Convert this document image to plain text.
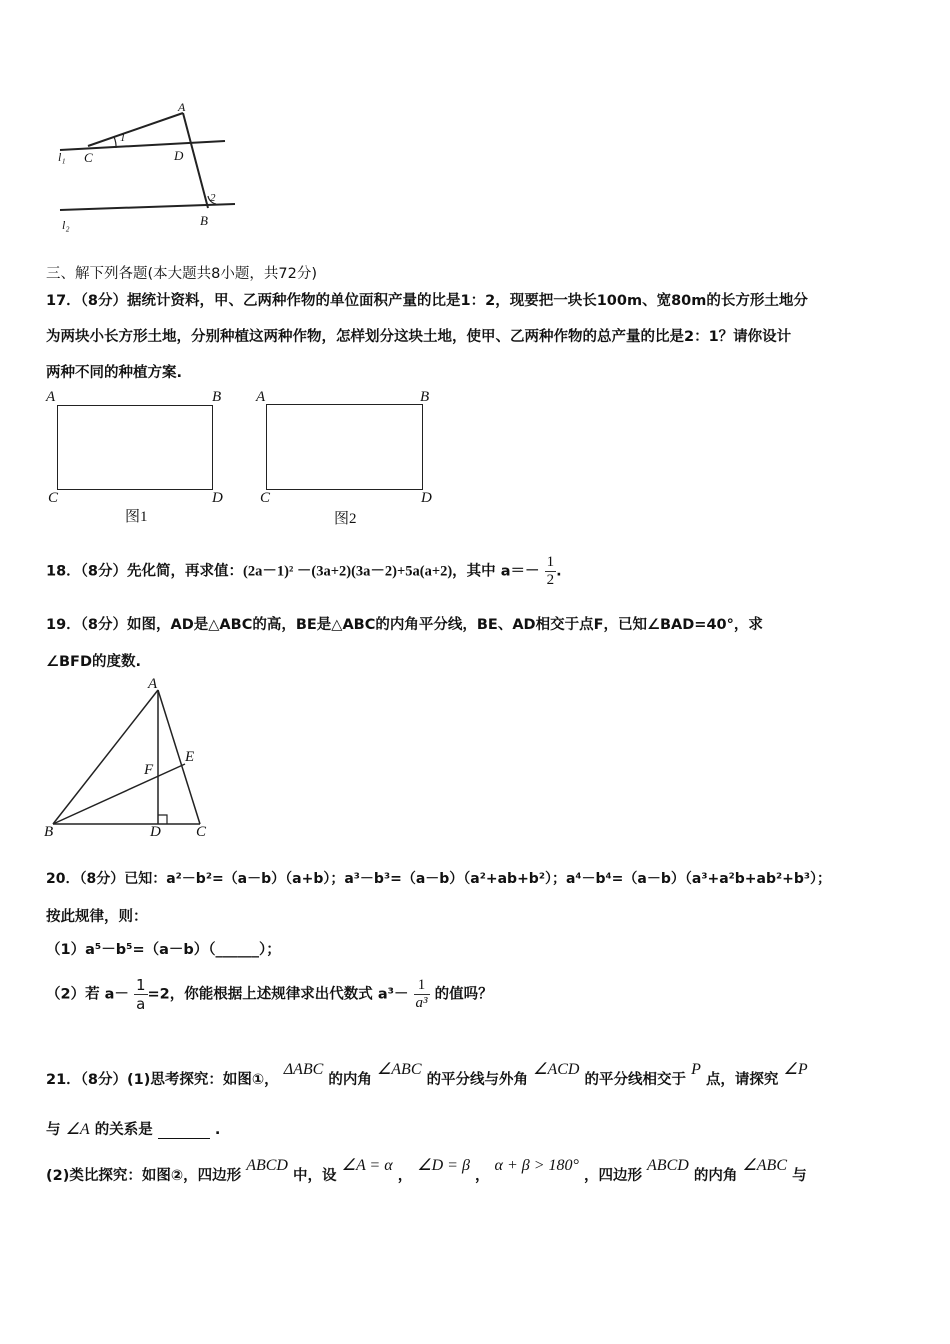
A
C	D
B
l₁
l₂
1
2
三、解下列各题(本大题共8小题，共72分)
17．（8分）据统计资料，甲、乙两种作物的单位面积产量的比是1：2，现要把一块长100m、宽80m的长方形土地分
为两块小长方形土地，分别种植这两种作物，怎样划分这块土地，使甲、乙两种作物的总产量的比是2：1？请你设计
两种不同的种植方案.
A	B
C	D
图1
A	B
C	D
图2
18．（8分）先化简，再求值：(2a－1)² －(3a+2)(3a－2)+5a(a+2)，其中 $a=- \frac{1}{2}$ .
19．（8分）如图，AD是△ABC的高，BE是△ABC的内角平分线，BE、AD相交于点F，已知∠BAD=40°，求
∠BFD的度数.
A
B	C
D
E
F
20．（8分）已知：a²－b²=（a－b）（a+b）；a³－b³=（a－b）（a²+ab+b²）；a⁴－b⁴=（a－b）（a³+a²b+ab²+b³）；
按此规律，则：
（1）a⁵－b⁵=（a－b）（______）；
（2）若 $a- \frac{1}{a} =2$，你能根据上述规律求出代数式 $a^3- \frac{1}{\text{a³}}$ 的值吗？
21．（8分）(1)思考探究：如图①， ΔABC 的内角 ∠ABC 的平分线与外角 ∠ACD 的平分线相交于 P 点，请探究 ∠P
与 ∠A 的关系是	.
(2)类比探究：如图②，四边形 ABCD 中，设 ∠A = α ， ∠D = β ， α + β > 180° ，四边形 ABCD 的内角 ∠ABC 与
